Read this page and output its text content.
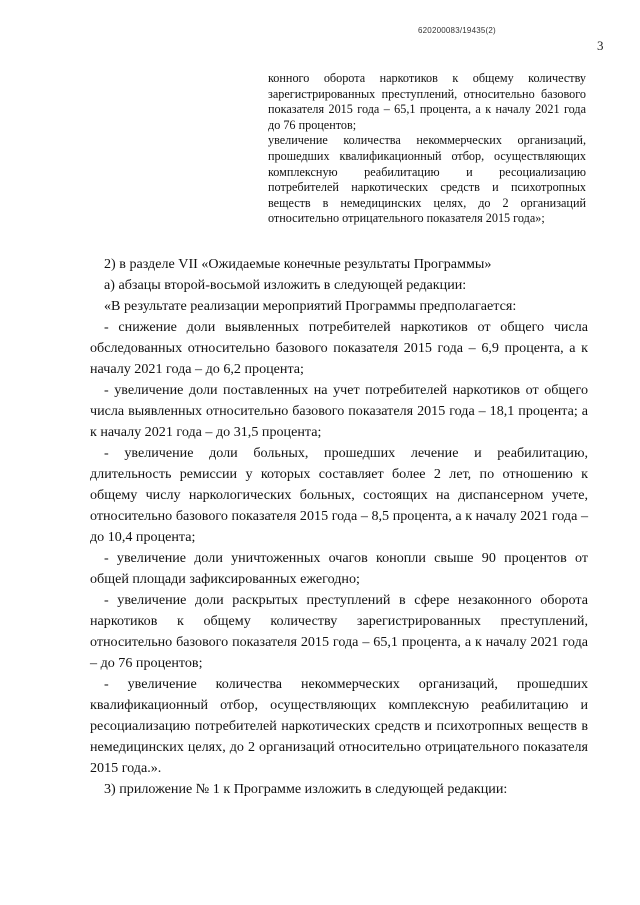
620200083/19435(2)
3

конного оборота наркотиков к общему количеству зарегистрированных преступлений, относительно базового показателя 2015 года – 65,1 процента, а к началу 2021 года до 76 процентов;

увеличение количества некоммерческих организаций, прошедших квалификационный отбор, осуществляющих комплексную реабилитацию и ресоциализацию потребителей наркотических средств и психотропных веществ в немедицинских целях, до 2 организаций относительно отрицательного показателя 2015 года»;

2) в разделе VII «Ожидаемые конечные результаты Программы»

а) абзацы второй-восьмой изложить в следующей редакции:

«В результате реализации мероприятий Программы предполагается:

- снижение доли выявленных потребителей наркотиков от общего числа обследованных относительно базового показателя 2015 года – 6,9 процента, а к началу 2021 года – до 6,2 процента;

- увеличение доли поставленных на учет потребителей наркотиков от общего числа выявленных относительно базового показателя 2015 года – 18,1 процента; а к началу 2021 года – до 31,5 процента;

- увеличение доли больных, прошедших лечение и реабилитацию, длительность ремиссии у которых составляет более 2 лет, по отношению к общему числу наркологических больных, состоящих на диспансерном учете, относительно базового показателя 2015 года – 8,5 процента, а к началу 2021 года – до 10,4 процента;

- увеличение доли уничтоженных очагов конопли свыше 90 процентов от общей площади зафиксированных ежегодно;

- увеличение доли раскрытых преступлений в сфере незаконного оборота наркотиков к общему количеству зарегистрированных преступлений, относительно базового показателя 2015 года – 65,1 процента, а к началу 2021 года – до 76 процентов;

- увеличение количества некоммерческих организаций, прошедших квалификационный отбор, осуществляющих комплексную реабилитацию и ресоциализацию потребителей наркотических средств и психотропных веществ в немедицинских целях, до 2 организаций относительно отрицательного показателя 2015 года.».

3) приложение № 1 к Программе изложить в следующей редакции:
